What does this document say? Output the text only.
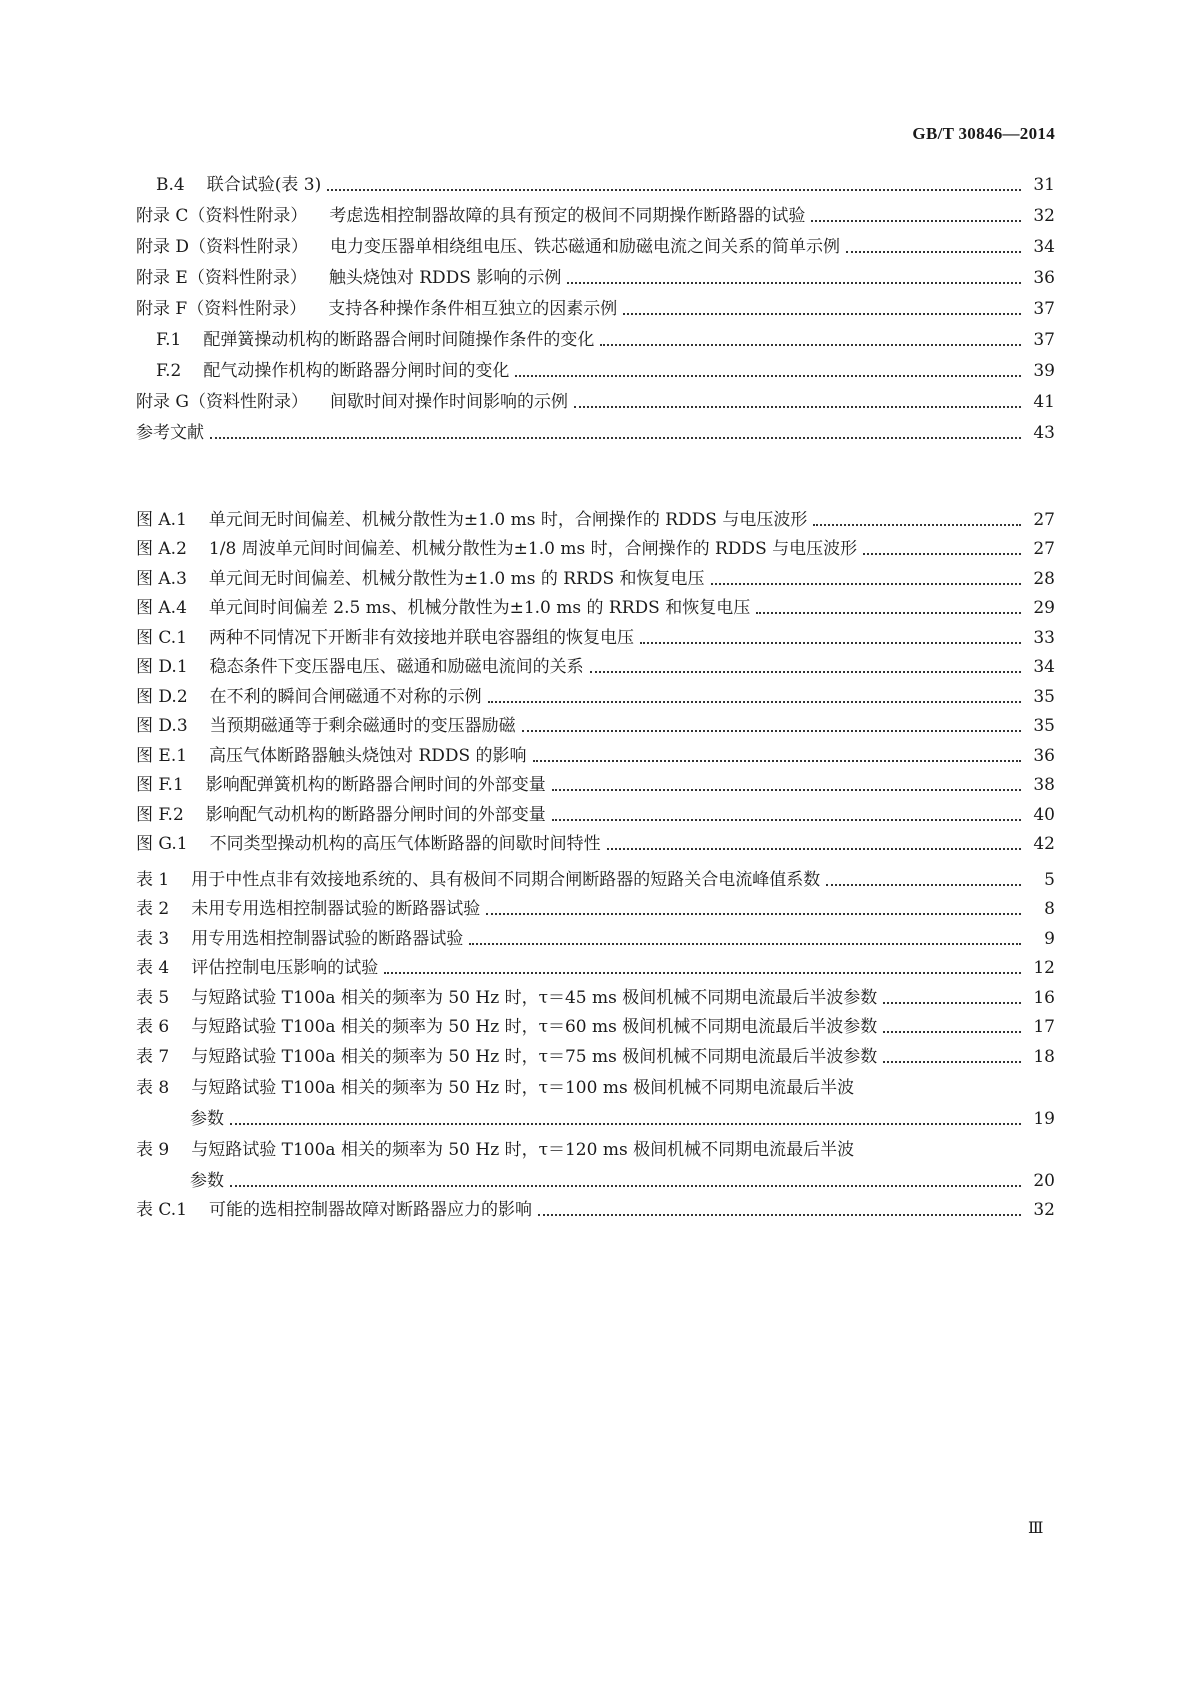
GB/T 30846—2014
B.4 联合试验(表 3)	31
附录 C（资料性附录） 考虑选相控制器故障的具有预定的极间不同期操作断路器的试验	32
附录 D（资料性附录） 电力变压器单相绕组电压、铁芯磁通和励磁电流之间关系的简单示例	34
附录 E（资料性附录） 触头烧蚀对 RDDS 影响的示例	36
附录 F（资料性附录） 支持各种操作条件相互独立的因素示例	37
F.1 配弹簧操动机构的断路器合闸时间随操作条件的变化	37
F.2 配气动操作机构的断路器分闸时间的变化	39
附录 G（资料性附录） 间歇时间对操作时间影响的示例	41
参考文献	43
图 A.1 单元间无时间偏差、机械分散性为±1.0 ms 时，合闸操作的 RDDS 与电压波形	27
图 A.2 1/8 周波单元间时间偏差、机械分散性为±1.0 ms 时，合闸操作的 RDDS 与电压波形	27
图 A.3 单元间无时间偏差、机械分散性为±1.0 ms 的 RRDS 和恢复电压	28
图 A.4 单元间时间偏差 2.5 ms、机械分散性为±1.0 ms 的 RRDS 和恢复电压	29
图 C.1 两种不同情况下开断非有效接地并联电容器组的恢复电压	33
图 D.1 稳态条件下变压器电压、磁通和励磁电流间的关系	34
图 D.2 在不利的瞬间合闸磁通不对称的示例	35
图 D.3 当预期磁通等于剩余磁通时的变压器励磁	35
图 E.1 高压气体断路器触头烧蚀对 RDDS 的影响	36
图 F.1 影响配弹簧机构的断路器合闸时间的外部变量	38
图 F.2 影响配气动机构的断路器分闸时间的外部变量	40
图 G.1 不同类型操动机构的高压气体断路器的间歇时间特性	42
表 1 用于中性点非有效接地系统的、具有极间不同期合闸断路器的短路关合电流峰值系数	5
表 2 未用专用选相控制器试验的断路器试验	8
表 3 用专用选相控制器试验的断路器试验	9
表 4 评估控制电压影响的试验	12
表 5 与短路试验 T100a 相关的频率为 50 Hz 时，τ＝45 ms 极间机械不同期电流最后半波参数	16
表 6 与短路试验 T100a 相关的频率为 50 Hz 时，τ＝60 ms 极间机械不同期电流最后半波参数	17
表 7 与短路试验 T100a 相关的频率为 50 Hz 时，τ＝75 ms 极间机械不同期电流最后半波参数	18
表 8 与短路试验 T100a 相关的频率为 50 Hz 时，τ＝100 ms 极间机械不同期电流最后半波
参数	19
表 9 与短路试验 T100a 相关的频率为 50 Hz 时，τ＝120 ms 极间机械不同期电流最后半波
参数	20
表 C.1 可能的选相控制器故障对断路器应力的影响	32
Ⅲ
